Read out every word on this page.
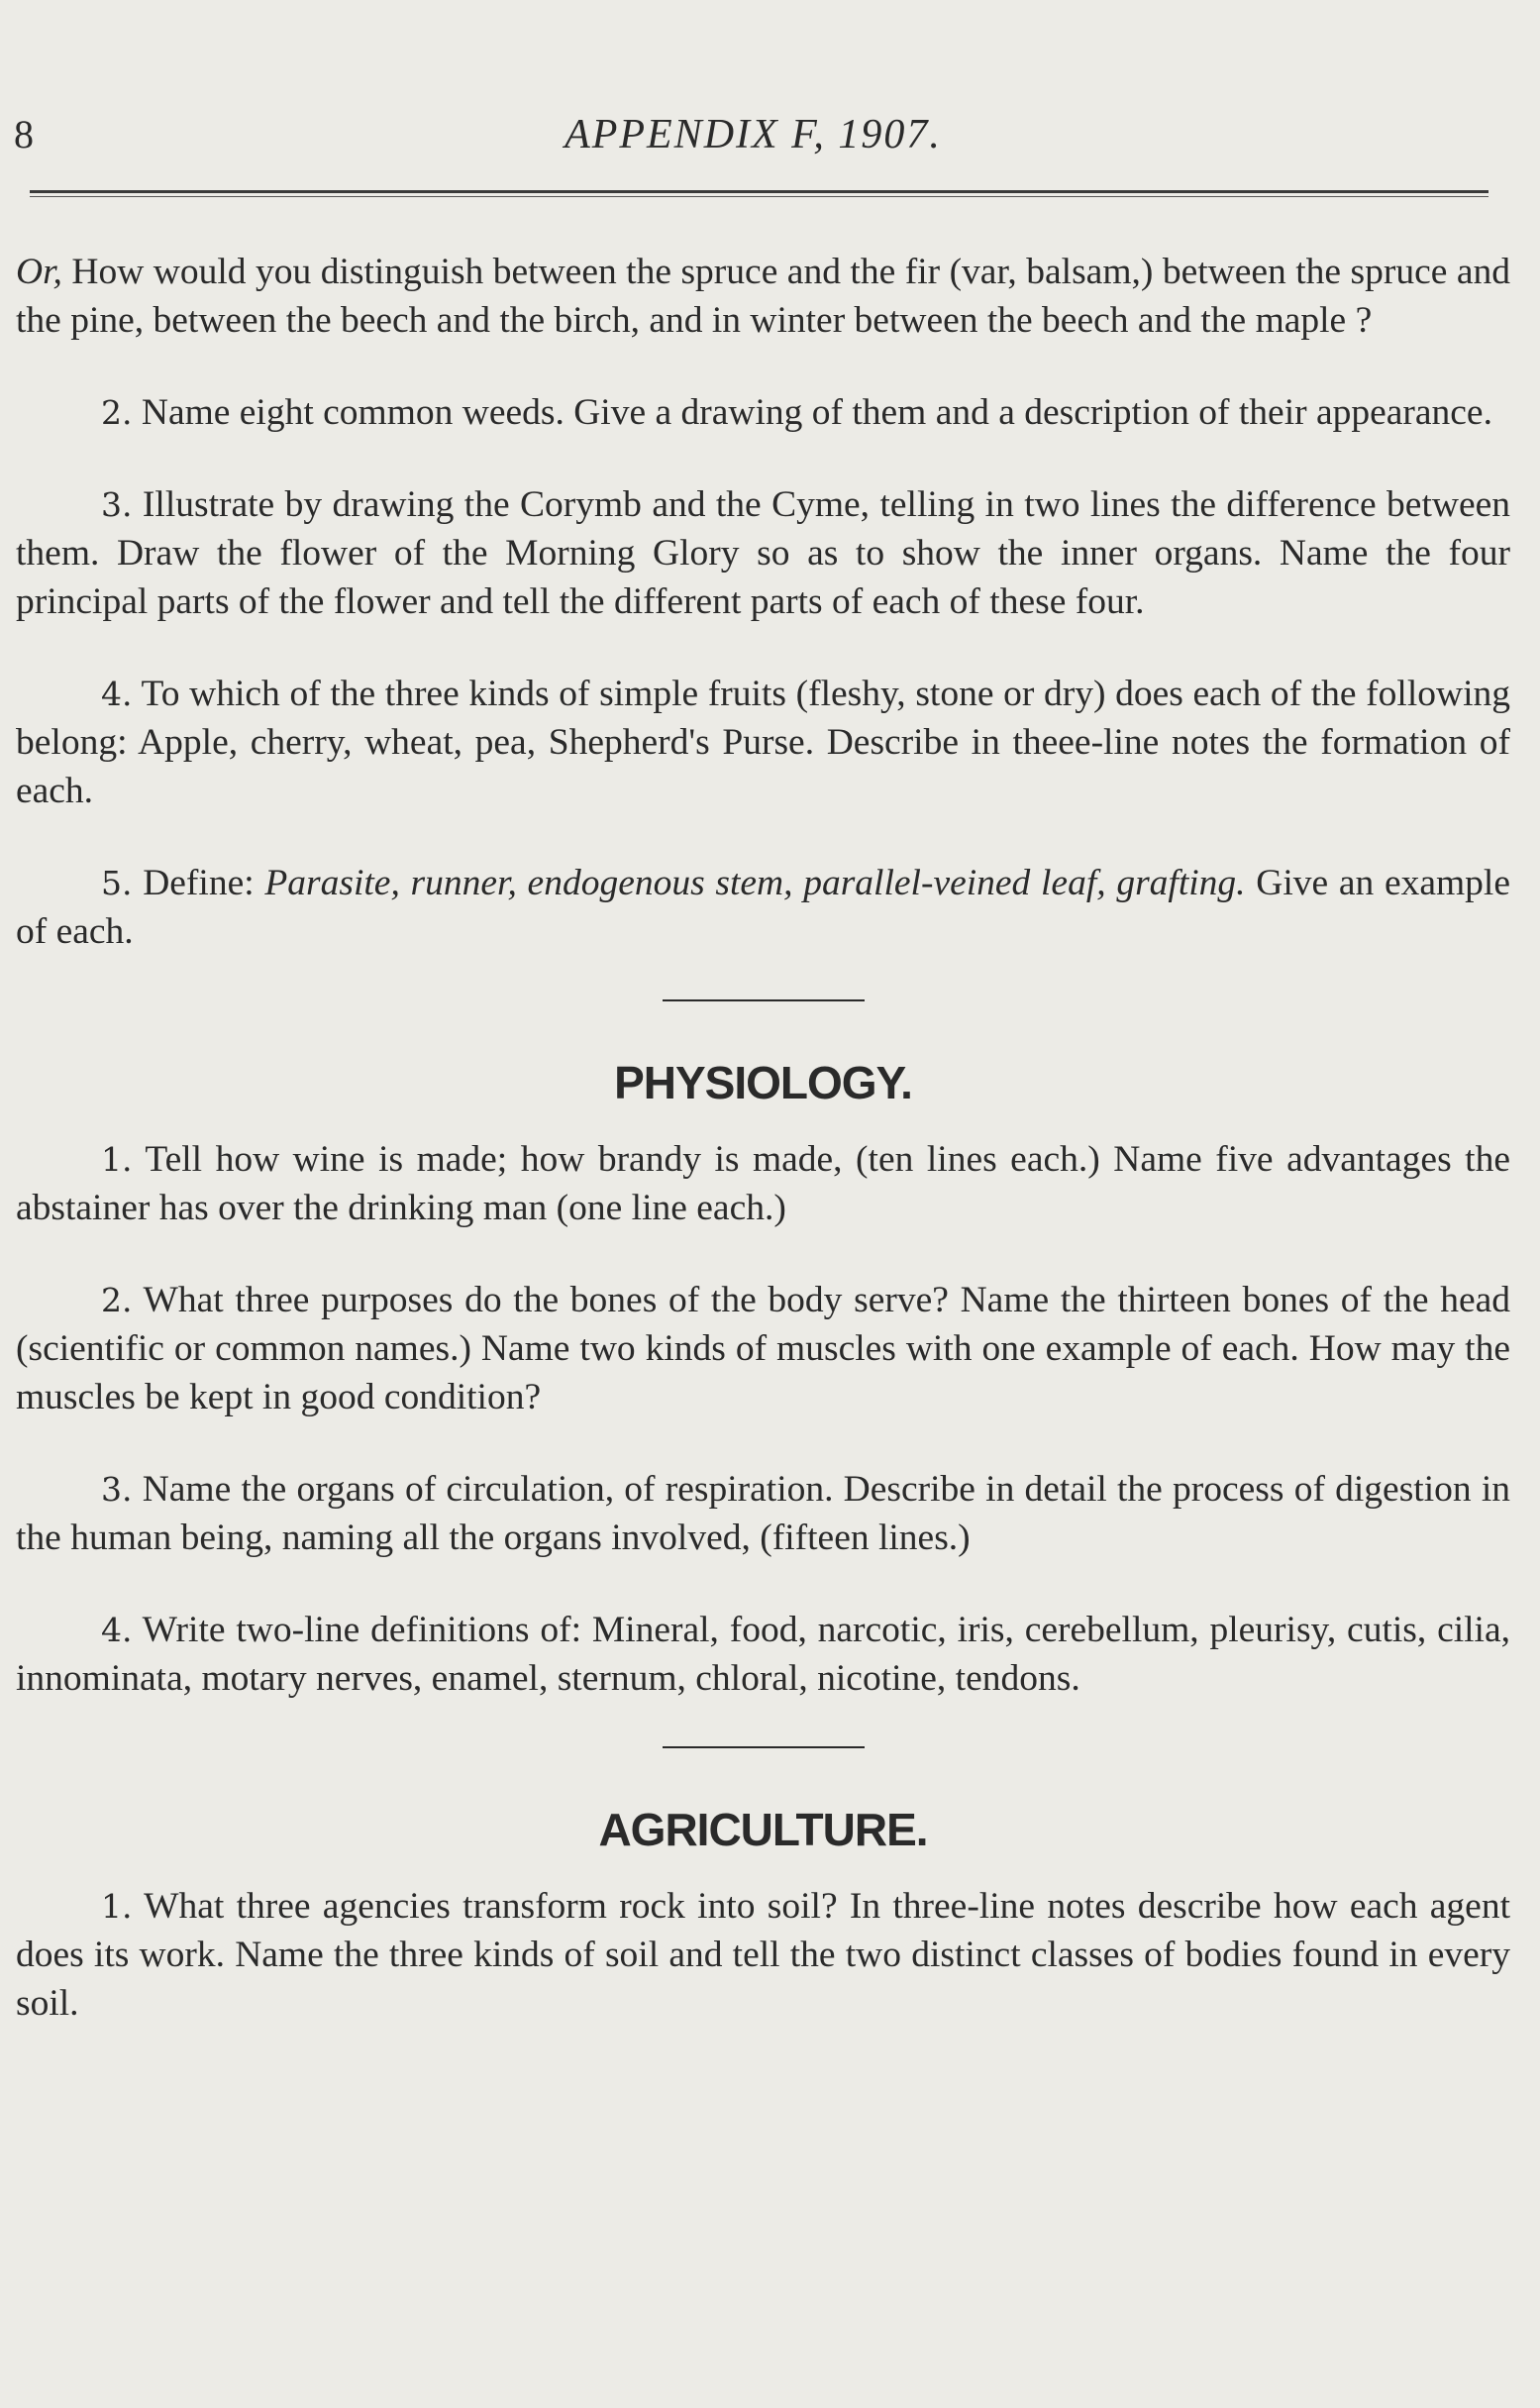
8	APPENDIX F, 1907.

Or, How would you distinguish between the spruce and the fir (var, balsam,) between the spruce and the pine, between the beech and the birch, and in winter between the beech and the maple ?

2. Name eight common weeds. Give a drawing of them and a description of their appearance.

3. Illustrate by drawing the Corymb and the Cyme, telling in two lines the difference between them. Draw the flower of the Morning Glory so as to show the inner organs. Name the four principal parts of the flower and tell the different parts of each of these four.

4. To which of the three kinds of simple fruits (fleshy, stone or dry) does each of the following belong: Apple, cherry, wheat, pea, Shepherd's Purse. Describe in theee-line notes the formation of each.

5. Define: Parasite, runner, endogenous stem, parallel-veined leaf, grafting. Give an example of each.

PHYSIOLOGY.

1. Tell how wine is made; how brandy is made, (ten lines each.) Name five advantages the abstainer has over the drinking man (one line each.)

2. What three purposes do the bones of the body serve? Name the thirteen bones of the head (scientific or common names.) Name two kinds of muscles with one example of each. How may the muscles be kept in good condition?

3. Name the organs of circulation, of respiration. Describe in detail the process of digestion in the human being, naming all the organs involved, (fifteen lines.)

4. Write two-line definitions of: Mineral, food, narcotic, iris, cerebellum, pleurisy, cutis, cilia, innominata, motary nerves, enamel, sternum, chloral, nicotine, tendons.

AGRICULTURE.

1. What three agencies transform rock into soil? In three-line notes describe how each agent does its work. Name the three kinds of soil and tell the two distinct classes of bodies found in every soil.
